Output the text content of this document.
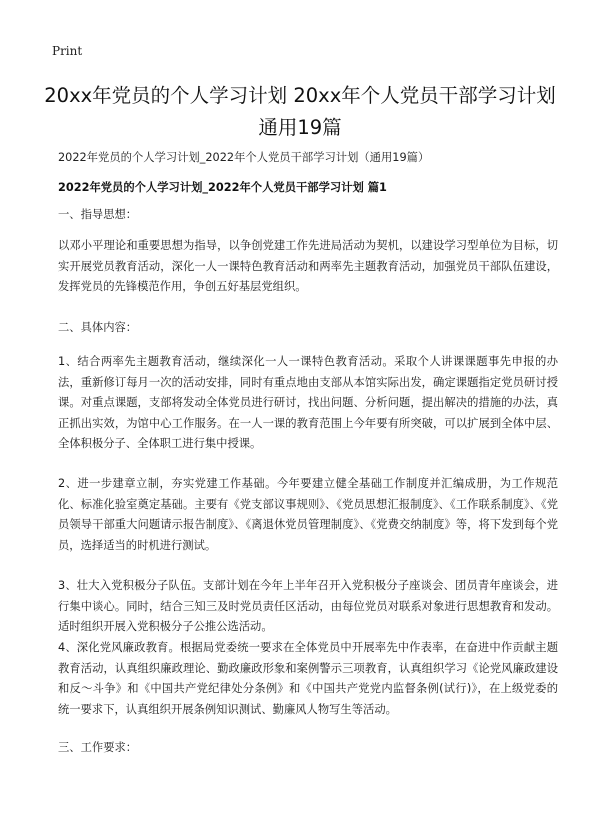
Print
20xx年党员的个人学习计划 20xx年个人党员干部学习计划 通用19篇
2022年党员的个人学习计划_2022年个人党员干部学习计划（通用19篇）
2022年党员的个人学习计划_2022年个人党员干部学习计划 篇1
一、指导思想：
以邓小平理论和重要思想为指导，以争创党建工作先进局活动为契机，以建设学习型单位为目标，切实开展党员教育活动，深化一人一课特色教育活动和两率先主题教育活动，加强党员干部队伍建设，发挥党员的先锋模范作用，争创五好基层党组织。
二、具体内容：
1、结合两率先主题教育活动，继续深化一人一课特色教育活动。采取个人讲课课题事先申报的办法，重新修订每月一次的活动安排，同时有重点地由支部从本馆实际出发，确定课题指定党员研讨授课。对重点课题，支部将发动全体党员进行研讨，找出问题、分析问题，提出解决的措施的办法，真正抓出实效，为馆中心工作服务。在一人一课的教育范围上今年要有所突破，可以扩展到全体中层、全体积极分子、全体职工进行集中授课。
2、进一步建章立制，夯实党建工作基础。今年要建立健全基础工作制度并汇编成册，为工作规范化、标准化验室奠定基础。主要有《党支部议事规则》、《党员思想汇报制度》、《工作联系制度》、《党员领导干部重大问题请示报告制度》、《离退休党员管理制度》、《党费交纳制度》等，将下发到每个党员，选择适当的时机进行测试。
3、壮大入党积极分子队伍。支部计划在今年上半年召开入党积极分子座谈会、团员青年座谈会，进行集中谈心。同时，结合三知三及时党员责任区活动，由每位党员对联系对象进行思想教育和发动。适时组织开展入党积极分子公推公选活动。
4、深化党风廉政教育。根据局党委统一要求在全体党员中开展率先中作表率，在奋进中作贡献主题教育活动，认真组织廉政理论、勤政廉政形象和案例警示三项教育，认真组织学习《论党风廉政建设和反～斗争》和《中国共产党纪律处分条例》和《中国共产党党内监督条例(试行)》，在上级党委的统一要求下，认真组织开展条例知识测试、勤廉风人物写生等活动。
三、工作要求：
